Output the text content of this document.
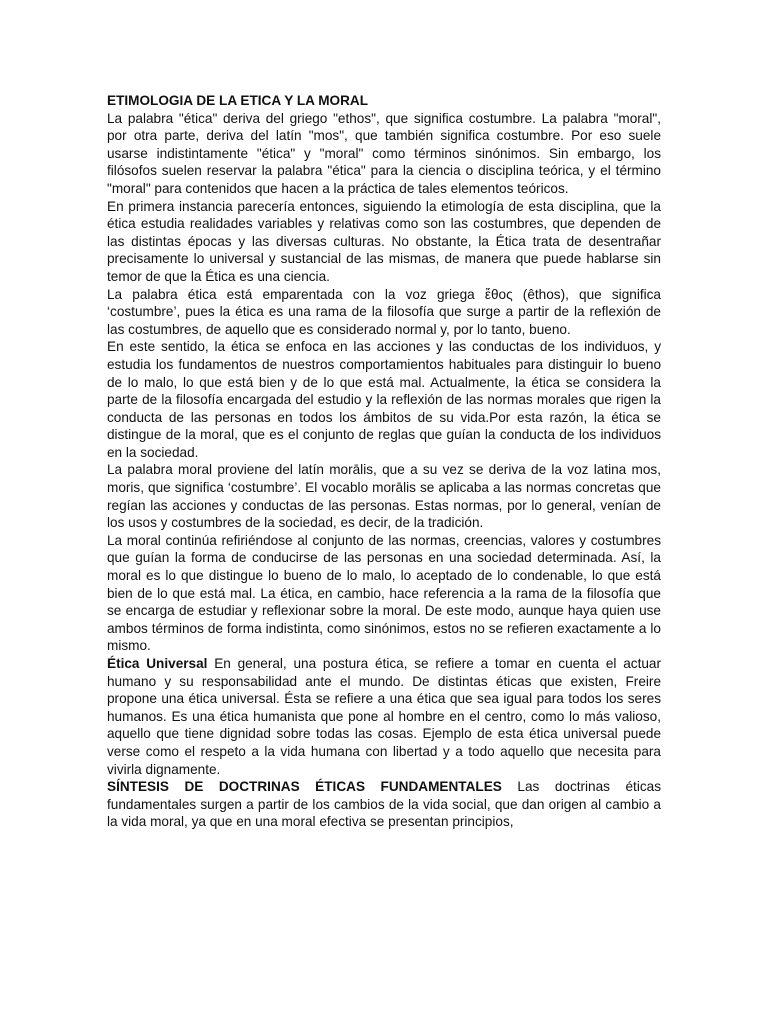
ETIMOLOGIA DE LA ETICA Y LA MORAL

La palabra "ética" deriva del griego "ethos", que significa costumbre. La palabra "moral", por otra parte, deriva del latín "mos", que también significa costumbre. Por eso suele usarse indistintamente "ética" y "moral" como términos sinónimos. Sin embargo, los filósofos suelen reservar la palabra "ética" para la ciencia o disciplina teórica, y el término "moral" para contenidos que hacen a la práctica de tales elementos teóricos.

En primera instancia parecería entonces, siguiendo la etimología de esta disciplina, que la ética estudia realidades variables y relativas como son las costumbres, que dependen de las distintas épocas y las diversas culturas. No obstante, la Ética trata de desentrañar precisamente lo universal y sustancial de las mismas, de manera que puede hablarse sin temor de que la Ética es una ciencia.

La palabra ética está emparentada con la voz griega ἔθος (êthos), que significa ‘costumbre’, pues la ética es una rama de la filosofía que surge a partir de la reflexión de las costumbres, de aquello que es considerado normal y, por lo tanto, bueno.

En este sentido, la ética se enfoca en las acciones y las conductas de los individuos, y estudia los fundamentos de nuestros comportamientos habituales para distinguir lo bueno de lo malo, lo que está bien y de lo que está mal. Actualmente, la ética se considera la parte de la filosofía encargada del estudio y la reflexión de las normas morales que rigen la conducta de las personas en todos los ámbitos de su vida.Por esta razón, la ética se distingue de la moral, que es el conjunto de reglas que guían la conducta de los individuos en la sociedad.

La palabra moral proviene del latín morālis, que a su vez se deriva de la voz latina mos, moris, que significa ‘costumbre’. El vocablo morālis se aplicaba a las normas concretas que regían las acciones y conductas de las personas. Estas normas, por lo general, venían de los usos y costumbres de la sociedad, es decir, de la tradición.

La moral continúa refiriéndose al conjunto de las normas, creencias, valores y costumbres que guían la forma de conducirse de las personas en una sociedad determinada. Así, la moral es lo que distingue lo bueno de lo malo, lo aceptado de lo condenable, lo que está bien de lo que está mal. La ética, en cambio, hace referencia a la rama de la filosofía que se encarga de estudiar y reflexionar sobre la moral. De este modo, aunque haya quien use ambos términos de forma indistinta, como sinónimos, estos no se refieren exactamente a lo mismo.

Ética Universal En general, una postura ética, se refiere a tomar en cuenta el actuar humano y su responsabilidad ante el mundo. De distintas éticas que existen, Freire propone una ética universal. Ésta se refiere a una ética que sea igual para todos los seres humanos. Es una ética humanista que pone al hombre en el centro, como lo más valioso, aquello que tiene dignidad sobre todas las cosas. Ejemplo de esta ética universal puede verse como el respeto a la vida humana con libertad y a todo aquello que necesita para vivirla dignamente.

SÍNTESIS DE DOCTRINAS ÉTICAS FUNDAMENTALES Las doctrinas éticas fundamentales surgen a partir de los cambios de la vida social, que dan origen al cambio a la vida moral, ya que en una moral efectiva se presentan principios,
